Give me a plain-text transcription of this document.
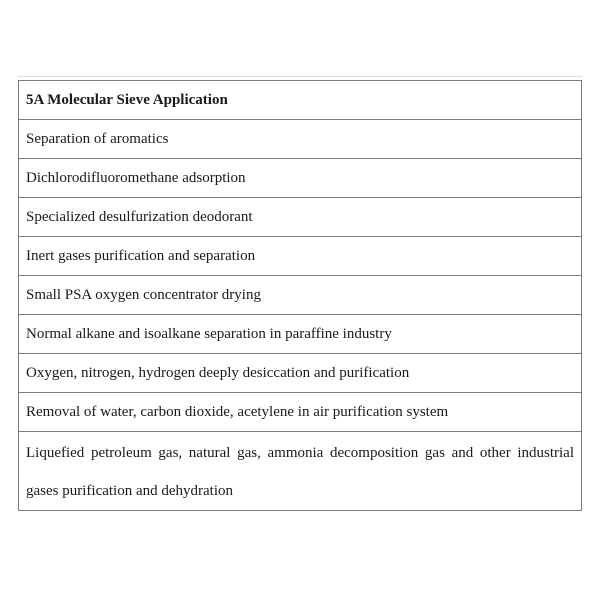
5A Molecular Sieve Application
Separation of aromatics
Dichlorodifluoromethane adsorption
Specialized desulfurization deodorant
Inert gases purification and separation
Small PSA oxygen concentrator drying
Normal alkane and isoalkane separation in paraffine industry
Oxygen, nitrogen, hydrogen deeply desiccation and purification
Removal of water, carbon dioxide, acetylene in air purification system
Liquefied petroleum gas, natural gas, ammonia decomposition gas and other industrial gases purification and dehydration
